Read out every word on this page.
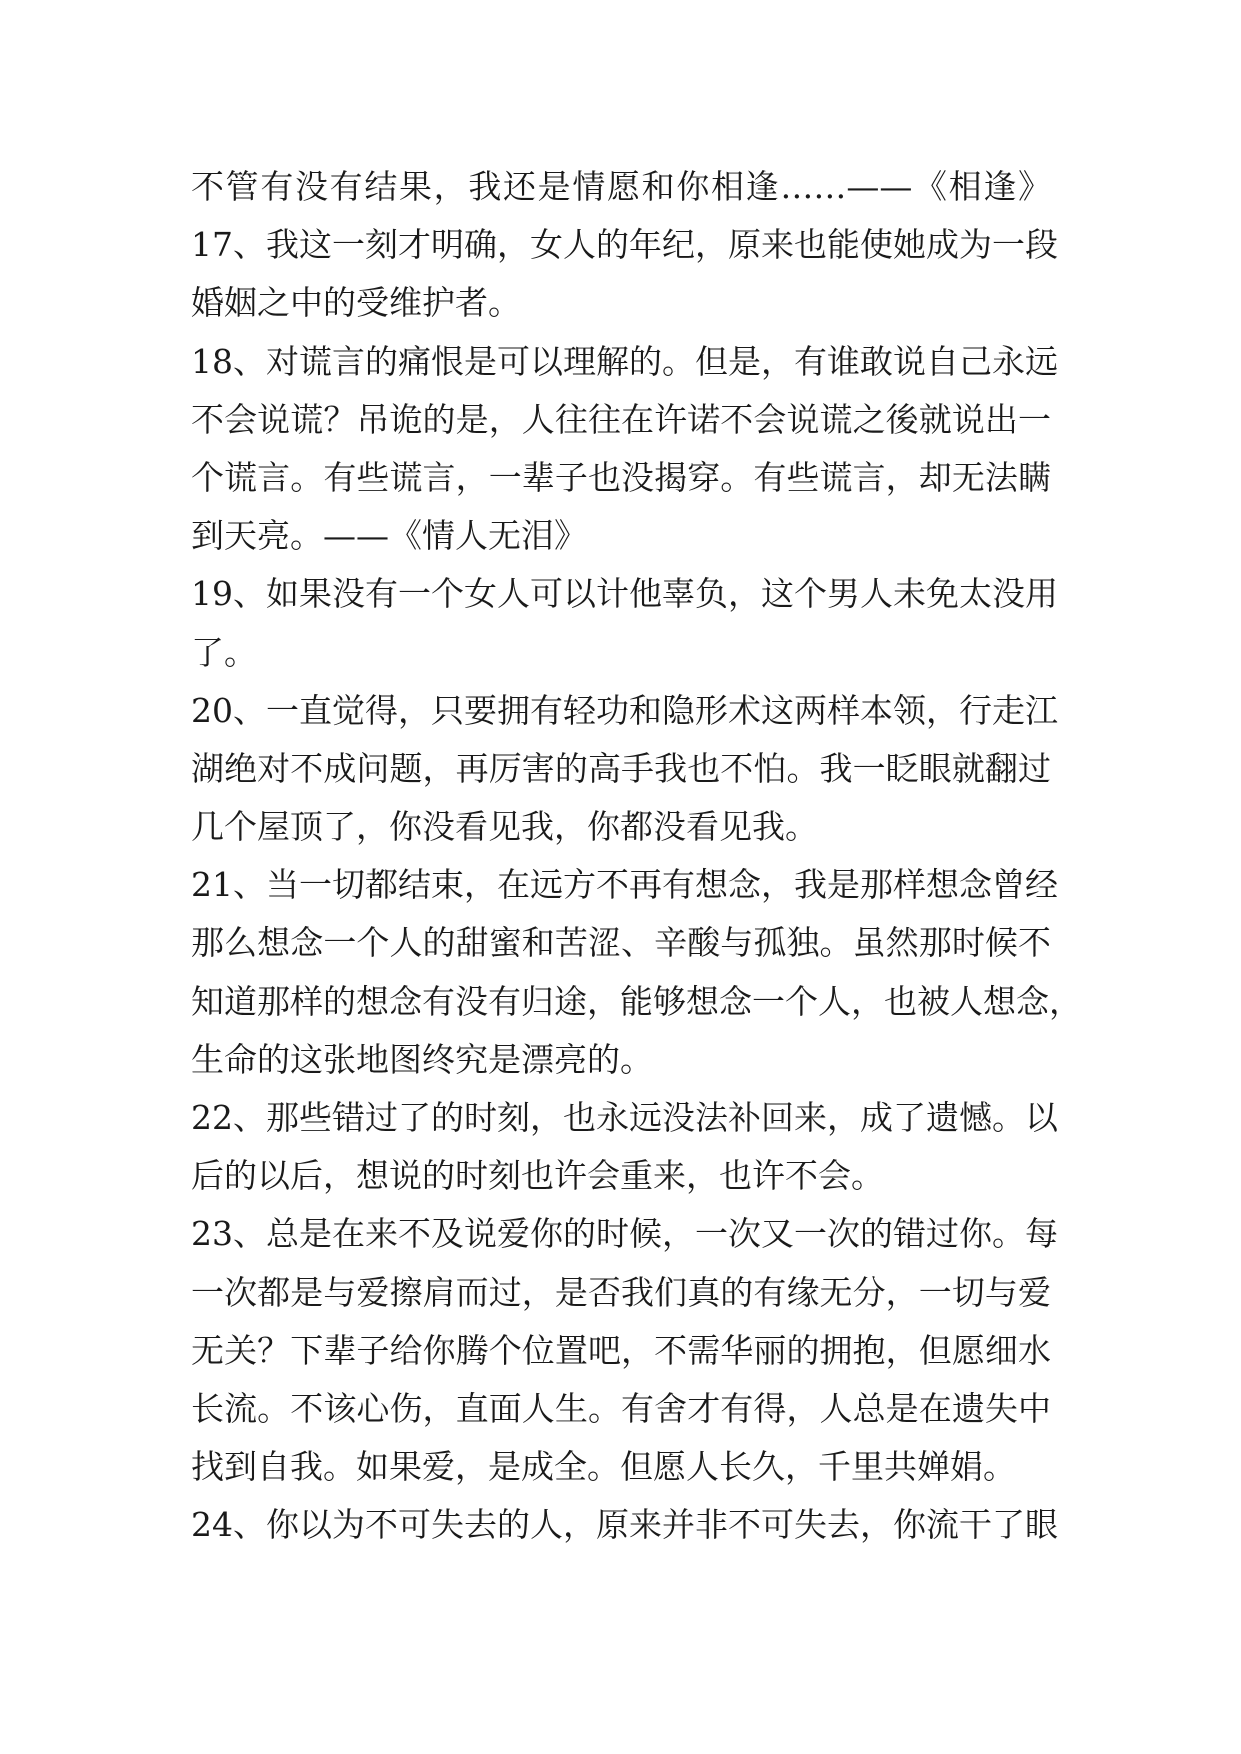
不管有没有结果，我还是情愿和你相逢……——《相逢》
17、我这一刻才明确，女人的年纪，原来也能使她成为一段
婚姻之中的受维护者。
18、对谎言的痛恨是可以理解的。但是，有谁敢说自己永远
不会说谎？吊诡的是，人往往在许诺不会说谎之後就说出一
个谎言。有些谎言，一辈子也没揭穿。有些谎言，却无法瞒
到天亮。——《情人无泪》
19、如果没有一个女人可以计他辜负，这个男人未免太没用
了。
20、一直觉得，只要拥有轻功和隐形术这两样本领，行走江
湖绝对不成问题，再厉害的高手我也不怕。我一眨眼就翻过
几个屋顶了，你没看见我，你都没看见我。
21、当一切都结束，在远方不再有想念，我是那样想念曾经
那么想念一个人的甜蜜和苦涩、辛酸与孤独。虽然那时候不
知道那样的想念有没有归途，能够想念一个人，也被人想念，
生命的这张地图终究是漂亮的。
22、那些错过了的时刻，也永远没法补回来，成了遗憾。以
后的以后，想说的时刻也许会重来，也许不会。
23、总是在来不及说爱你的时候，一次又一次的错过你。每
一次都是与爱擦肩而过，是否我们真的有缘无分，一切与爱
无关？下辈子给你腾个位置吧，不需华丽的拥抱，但愿细水
长流。不该心伤，直面人生。有舍才有得，人总是在遗失中
找到自我。如果爱，是成全。但愿人长久，千里共婵娟。
24、你以为不可失去的人，原来并非不可失去，你流干了眼
